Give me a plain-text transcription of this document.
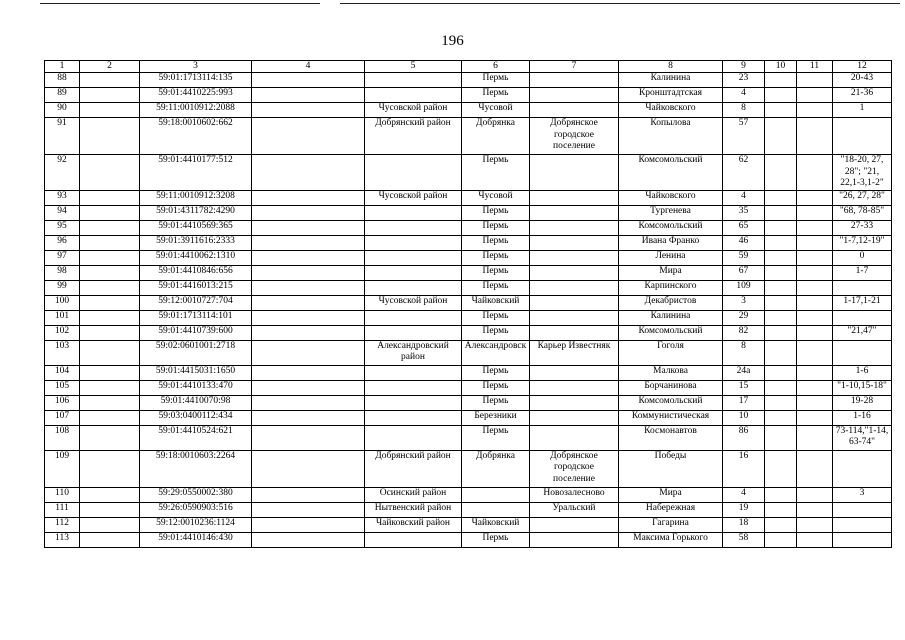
196
1	2	3	4	5	6	7	8	9	10	11	12
88		59:01:1713114:135			Пермь		Калинина	23			20-43
89		59:01:4410225:993			Пермь		Кронштадтская	4			21-36
90		59:11:0010912:2088		Чусовской район	Чусовой		Чайковского	8			1
91		59:18:0010602:662		Добрянский район	Добрянка	Добрянское городское поселение	Копылова	57			
92		59:01:4410177:512			Пермь		Комсомольский	62			"18-20, 27, 28"; "21, 22,1-3,1-2"
93		59:11:0010912:3208		Чусовской район	Чусовой		Чайковского	4			"26, 27, 28"
94		59:01:4311782:4290			Пермь		Тургенева	35			"68, 78-85"
95		59:01:4410569:365			Пермь		Комсомольский	65			27-33
96		59:01:3911616:2333			Пермь		Ивана Франко	46			"1-7,12-19"
97		59:01:4410062:1310			Пермь		Ленина	59			0
98		59:01:4410846:656			Пермь		Мира	67			1-7
99		59:01:4416013:215			Пермь		Карпинского	109			
100		59:12:0010727:704		Чусовской район	Чайковский		Декабристов	3			1-17,1-21
101		59:01:1713114:101			Пермь		Калинина	29			
102		59:01:4410739:600			Пермь		Комсомольский	82			"21,47"
103		59:02:0601001:2718		Александровский район	Александровск	Карьер Известняк	Гоголя	8			
104		59:01:4415031:1650			Пермь		Малкова	24а			1-6
105		59:01:4410133:470			Пермь		Борчанинова	15			"1-10,15-18"
106		59:01:4410070:98			Пермь		Комсомольский	17			19-28
107		59:03:0400112:434			Березники		Коммунистическая	10			1-16
108		59:01:4410524:621			Пермь		Космонавтов	86			73-114,"1-14, 63-74"
109		59:18:0010603:2264		Добрянский район	Добрянка	Добрянское городское поселение	Победы	16			
110		59:29:0550002:380		Осинский район		Новозалесново	Мира	4			3
111		59:26:0590903:516		Нытвенский район		Уральский	Набережная	19			
112		59:12:0010236:1124		Чайковский район	Чайковский		Гагарина	18			
113		59:01:4410146:430			Пермь		Максима Горького	58			
